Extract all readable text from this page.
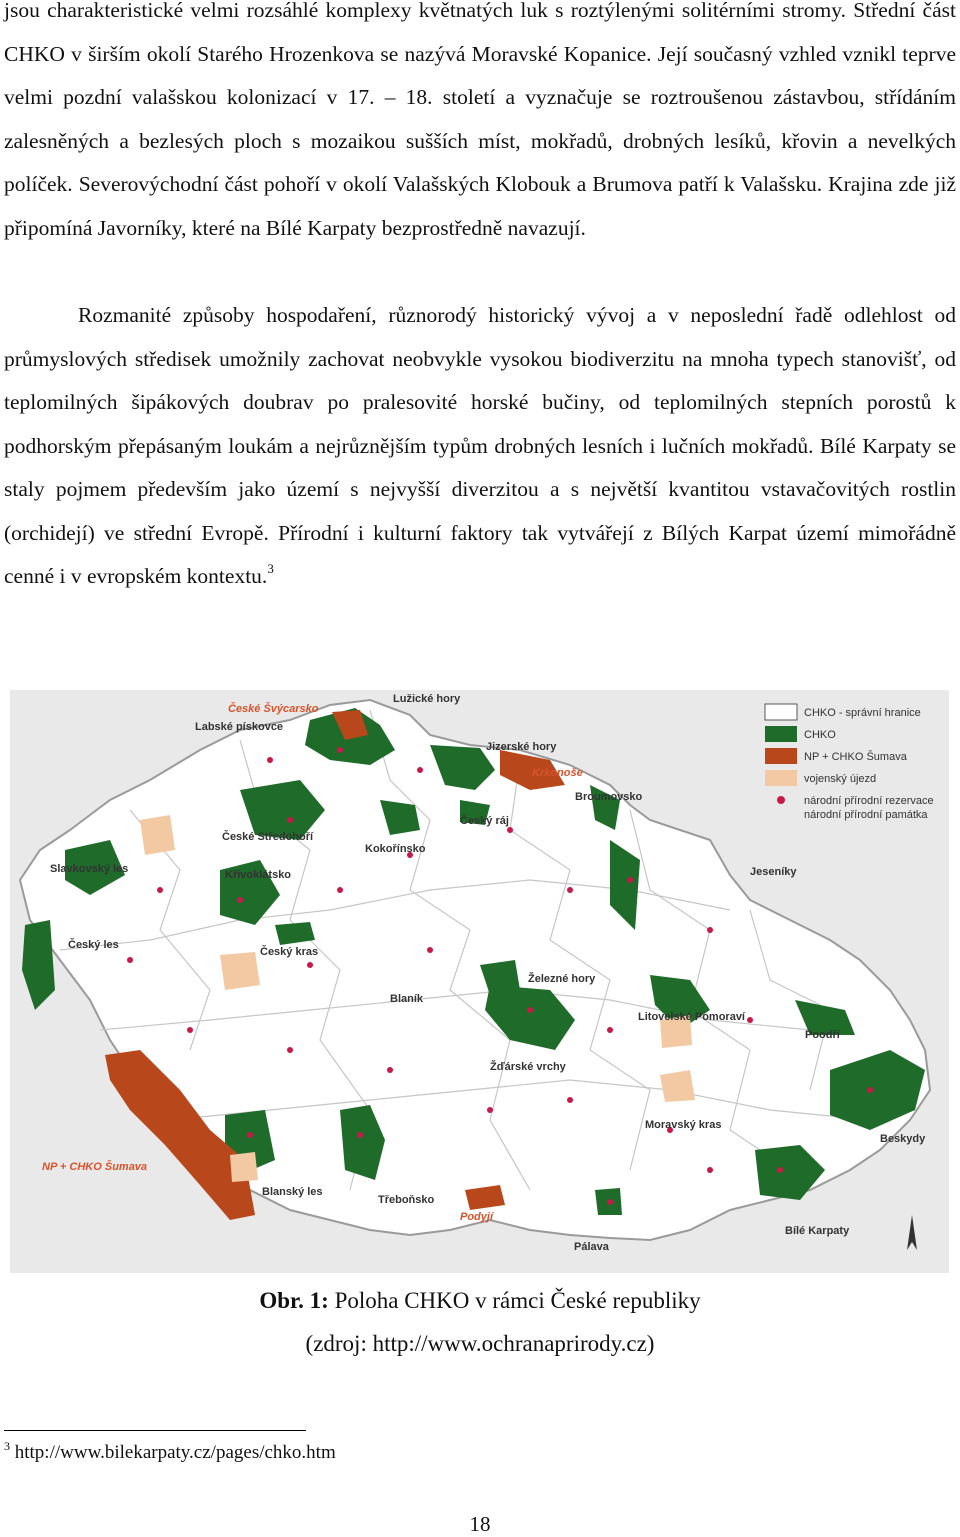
jsou charakteristické velmi rozsáhlé komplexy květnatých luk s roztýlenými solitérními stromy. Střední část CHKO v širším okolí Starého Hrozenkova se nazývá Moravské Kopanice. Její současný vzhled vznikl teprve velmi pozdní valašskou kolonizací v 17. – 18. století a vyznačuje se roztroušenou zástavbou, střídáním zalesněných a bezlesých ploch s mozaikou sušších míst, mokřadů, drobných lesíků, křovin a nevelkých políček. Severovýchodní část pohoří v okolí Valašských Klobouk a Brumova patří k Valašsku. Krajina zde již připomíná Javorníky, které na Bílé Karpaty bezprostředně navazují.

Rozmanité způsoby hospodaření, různorodý historický vývoj a v neposlední řadě odlehlost od průmyslových středisek umožnily zachovat neobvykle vysokou biodiverzitu na mnoha typech stanovišť, od teplomilných šipákových doubrav po pralesovité horské bučiny, od teplomilných stepních porostů k podhorským přepásaným loukám a nejrůznějším typům drobných lesních i lučních mokřadů. Bílé Karpaty se staly pojmem především jako území s nejvyšší diverzitou a s největší kvantitou vstavačovitých rostlin (orchidejí) ve střední Evropě. Přírodní i kulturní faktory tak vytvářejí z Bílých Karpat území mimořádně cenné i v evropském kontextu.$^3$

Lužické hory
Labské pískovce
Jizerské hory
Broumovsko
České Středohoří
Kokořínsko
Český ráj
Slavkovský les	Křivoklátsko	Jeseníky
Český les
Český kras
Železné hory
Blaník
Litovelské Pomoraví
Poodří
Žďárské vrchy
Moravský kras
Beskydy
Blanský les
Třeboňsko
Pálava
Bílé Karpaty
České Švýcarsko
Krkonoše
NP + CHKO Šumava
Podyjí
CHKO - správní hranice
CHKO
NP + CHKO Šumava
vojenský újezd
národní přírodní rezervace
národní přírodní památka
Obr. 1: Poloha CHKO v rámci České republiky
(zdroj: http://www.ochranaprirody.cz)
$^3$ http://www.bilekarpaty.cz/pages/chko.htm
18
